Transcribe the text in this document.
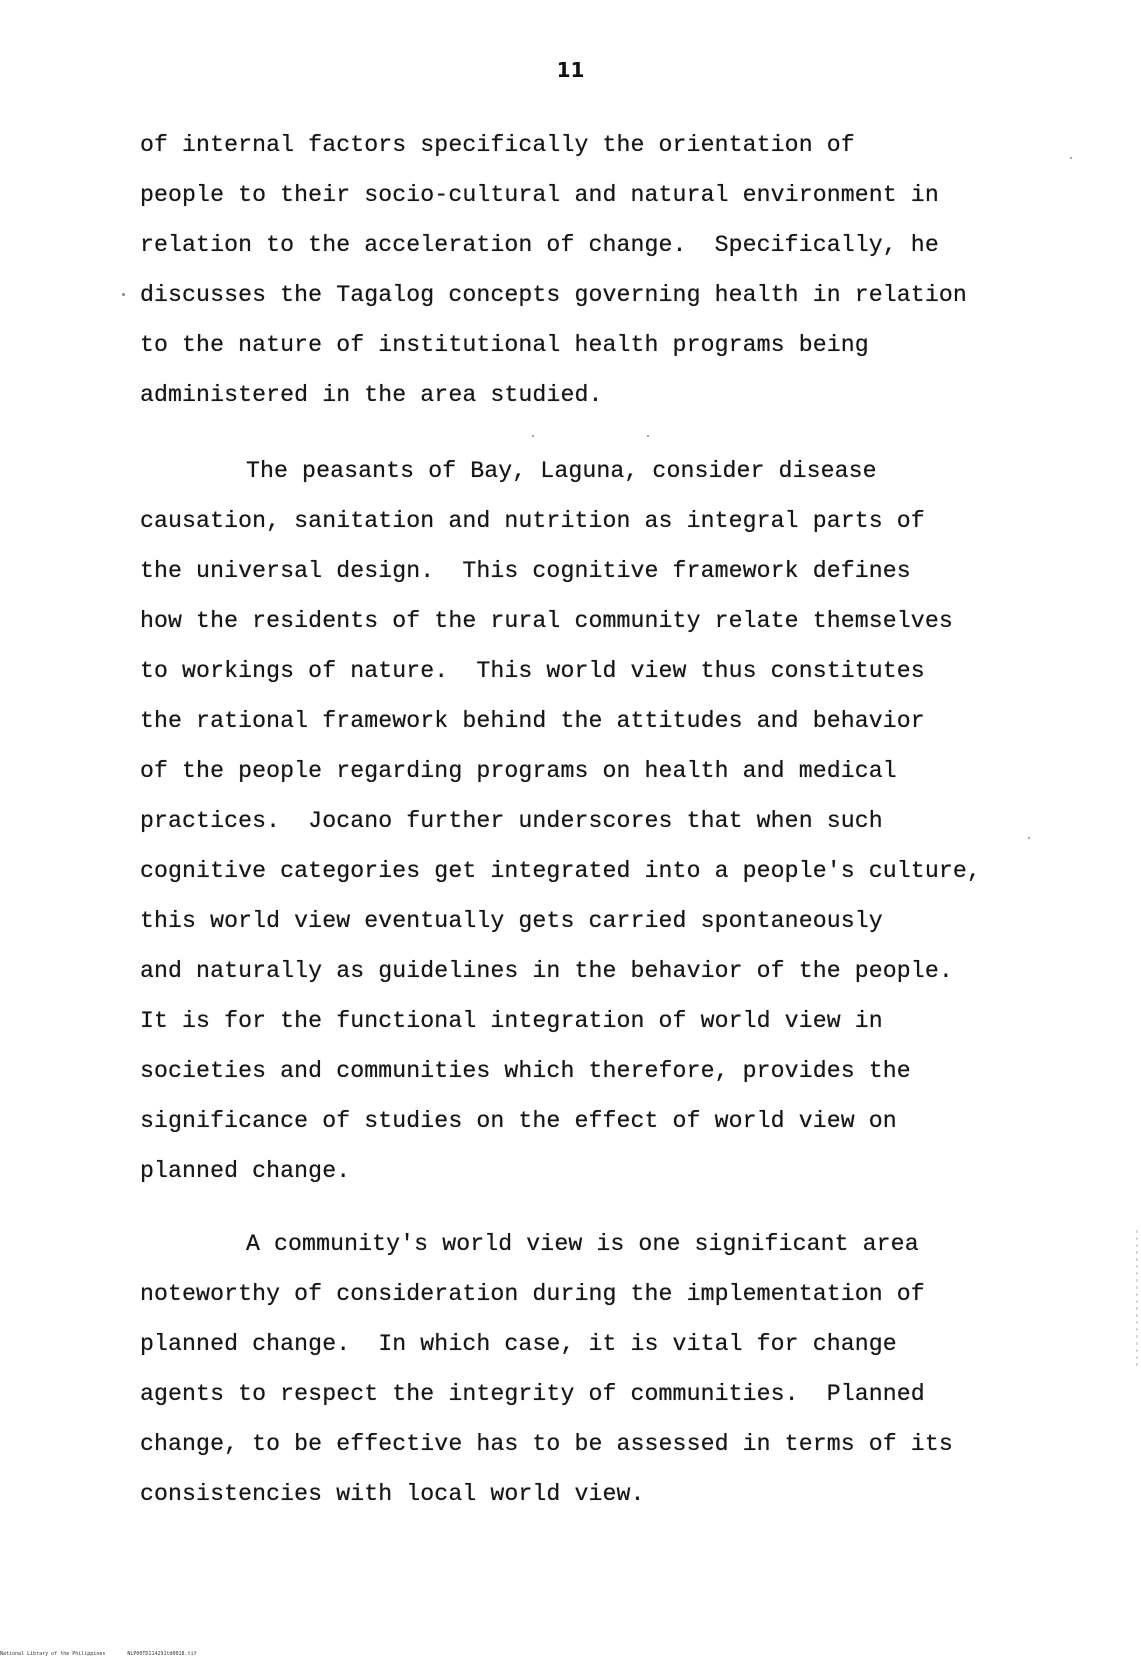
11
of internal factors specifically the orientation of
people to their socio-cultural and natural environment in
relation to the acceleration of change.  Specifically, he
discusses the Tagalog concepts governing health in relation
to the nature of institutional health programs being
administered in the area studied.
The peasants of Bay, Laguna, consider disease
causation, sanitation and nutrition as integral parts of
the universal design.  This cognitive framework defines
how the residents of the rural community relate themselves
to workings of nature.  This world view thus constitutes
the rational framework behind the attitudes and behavior
of the people regarding programs on health and medical
practices.  Jocano further underscores that when such
cognitive categories get integrated into a people's culture,
this world view eventually gets carried spontaneously
and naturally as guidelines in the behavior of the people.
It is for the functional integration of world view in
societies and communities which therefore, provides the
significance of studies on the effect of world view on
planned change.
A community's world view is one significant area
noteworthy of consideration during the implementation of
planned change.  In which case, it is vital for change
agents to respect the integrity of communities.  Planned
change, to be effective has to be assessed in terms of its
consistencies with local world view.
National Library of the Philippines	NLP00TD114291td0018.tif
